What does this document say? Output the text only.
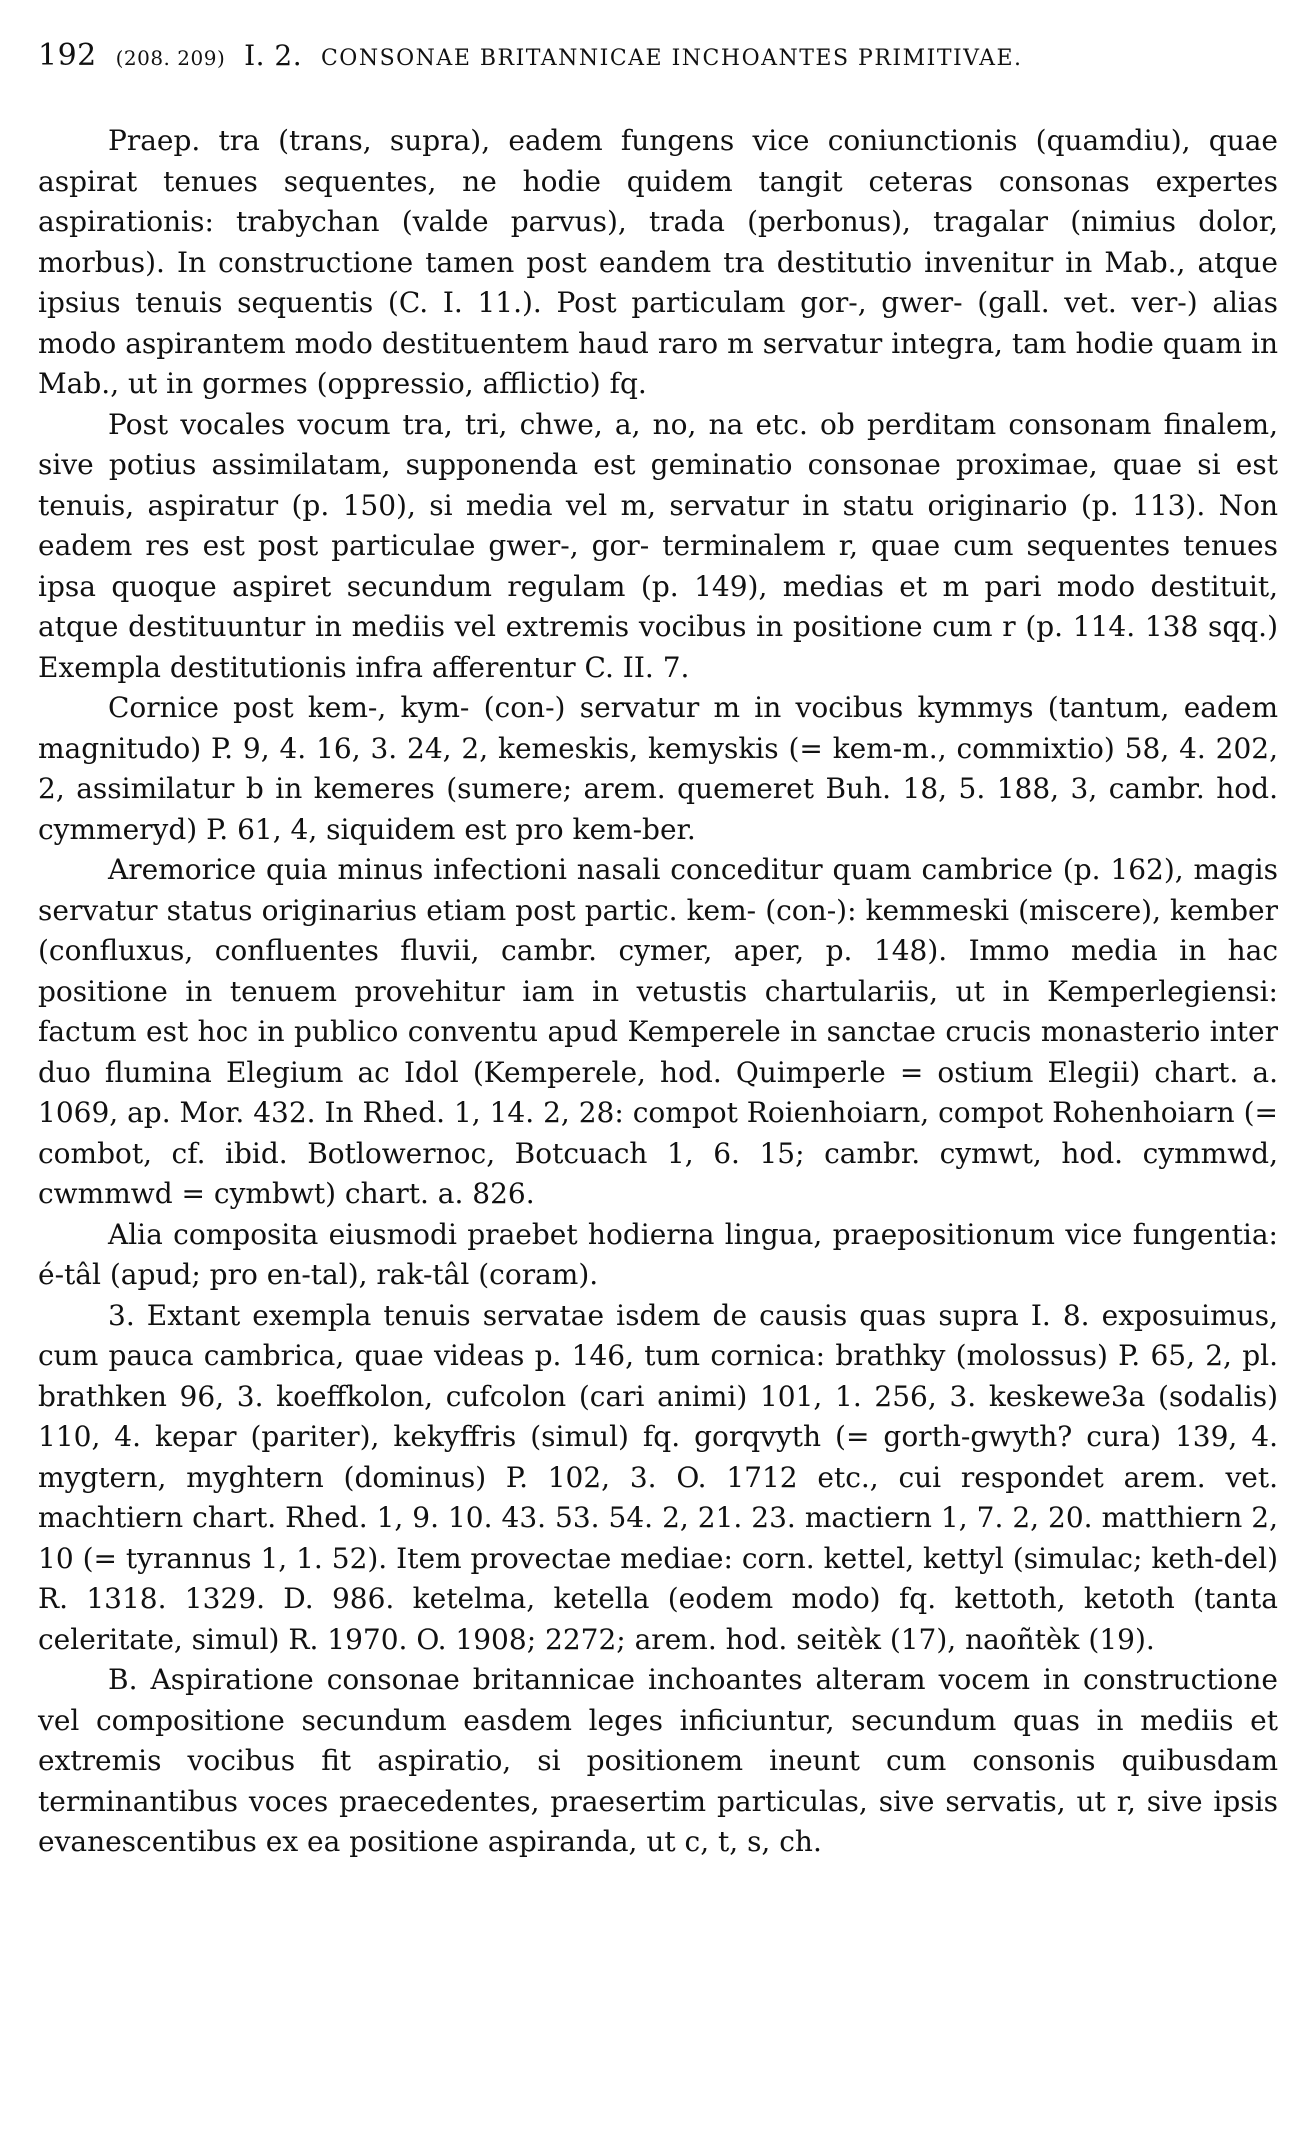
192 (208. 209) I. 2. CONSONAE BRITANNICAE INCHOANTES PRIMITIVAE.

Praep. tra (trans, supra), eadem fungens vice coniunctionis (quamdiu), quae aspirat tenues sequentes, ne hodie quidem tangit ceteras consonas expertes aspirationis: trabychan (valde parvus), trada (perbonus), tragalar (nimius dolor, morbus). In constructione tamen post eandem tra destitutio invenitur in Mab., atque ipsius tenuis sequentis (C. I. 11.). Post particulam gor-, gwer- (gall. vet. ver-) alias modo aspirantem modo destituentem haud raro m servatur integra, tam hodie quam in Mab., ut in gormes (oppressio, afflictio) fq.

Post vocales vocum tra, tri, chwe, a, no, na etc. ob perditam consonam finalem, sive potius assimilatam, supponenda est geminatio consonae proximae, quae si est tenuis, aspiratur (p. 150), si media vel m, servatur in statu originario (p. 113). Non eadem res est post particulae gwer-, gor- terminalem r, quae cum sequentes tenues ipsa quoque aspiret secundum regulam (p. 149), medias et m pari modo destituit, atque destituuntur in mediis vel extremis vocibus in positione cum r (p. 114. 138 sqq.) Exempla destitutionis infra afferentur C. II. 7.

Cornice post kem-, kym- (con-) servatur m in vocibus kymmys (tantum, eadem magnitudo) P. 9, 4. 16, 3. 24, 2, kemeskis, kemyskis (= kem-m., commixtio) 58, 4. 202, 2, assimilatur b in kemeres (sumere; arem. quemeret Buh. 18, 5. 188, 3, cambr. hod. cymmeryd) P. 61, 4, siquidem est pro kem-ber.

Aremorice quia minus infectioni nasali conceditur quam cambrice (p. 162), magis servatur status originarius etiam post partic. kem- (con-): kemmeski (miscere), kember (confluxus, confluentes fluvii, cambr. cymer, aper, p. 148). Immo media in hac positione in tenuem provehitur iam in vetustis chartulariis, ut in Kemperlegiensi: factum est hoc in publico conventu apud Kemperele in sanctae crucis monasterio inter duo flumina Elegium ac Idol (Kemperele, hod. Quimperle = ostium Elegii) chart. a. 1069, ap. Mor. 432. In Rhed. 1, 14. 2, 28: compot Roienhoiarn, compot Rohenhoiarn (= combot, cf. ibid. Botlowernoc, Botcuach 1, 6. 15; cambr. cymwt, hod. cymmwd, cwmmwd = cymbwt) chart. a. 826.

Alia composita eiusmodi praebet hodierna lingua, praepositionum vice fungentia: é-tâl (apud; pro en-tal), rak-tâl (coram).

3. Extant exempla tenuis servatae isdem de causis quas supra I. 8. exposuimus, cum pauca cambrica, quae videas p. 146, tum cornica: brathky (molossus) P. 65, 2, pl. brathken 96, 3. koeffkolon, cufcolon (cari animi) 101, 1. 256, 3. keskewe3a (sodalis) 110, 4. kepar (pariter), kekyffris (simul) fq. gorqvyth (= gorth-gwyth? cura) 139, 4. mygtern, myghtern (dominus) P. 102, 3. O. 1712 etc., cui respondet arem. vet. machtiern chart. Rhed. 1, 9. 10. 43. 53. 54. 2, 21. 23. mactiern 1, 7. 2, 20. matthiern 2, 10 (= tyrannus 1, 1. 52). Item provectae mediae: corn. kettel, kettyl (simulac; keth-del) R. 1318. 1329. D. 986. ketelma, ketella (eodem modo) fq. kettoth, ketoth (tanta celeritate, simul) R. 1970. O. 1908; 2272; arem. hod. seitèk (17), naoñtèk (19).

B. Aspiratione consonae britannicae inchoantes alteram vocem in constructione vel compositione secundum easdem leges inficiuntur, secundum quas in mediis et extremis vocibus fit aspiratio, si positionem ineunt cum consonis quibusdam terminantibus voces praecedentes, praesertim particulas, sive servatis, ut r, sive ipsis evanescentibus ex ea positione aspiranda, ut c, t, s, ch.
